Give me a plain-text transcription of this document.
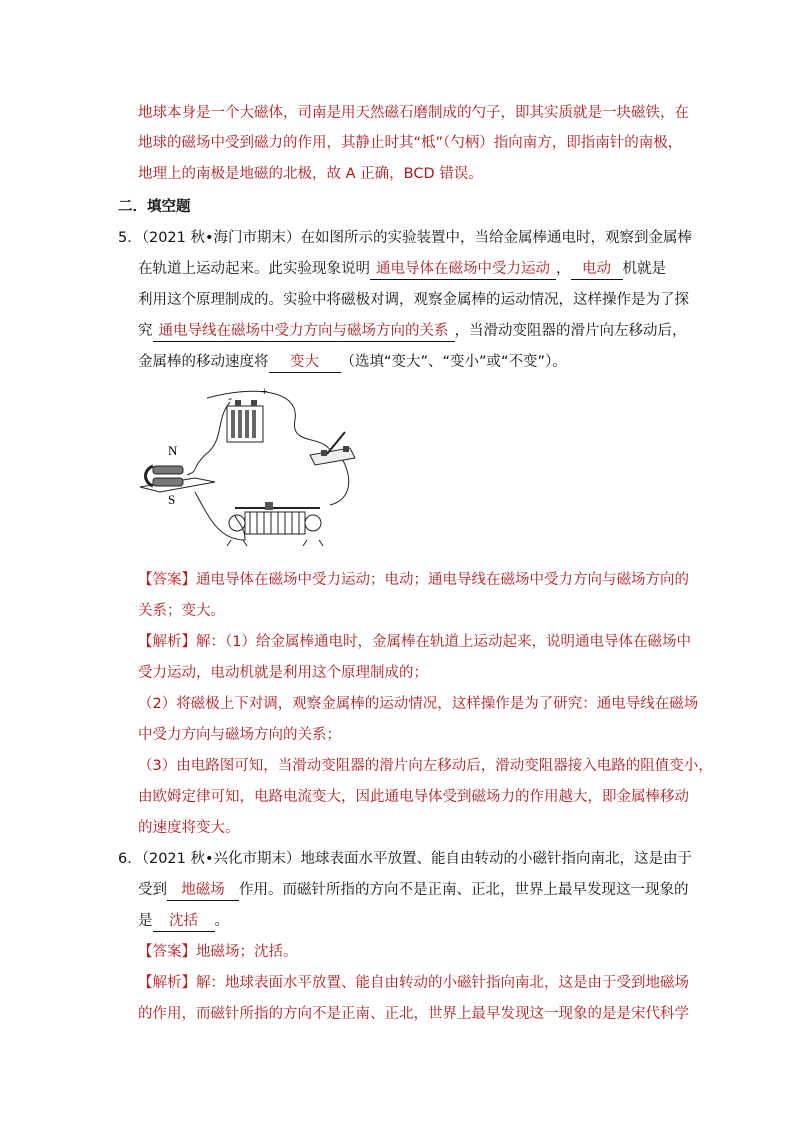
地球本身是一个大磁体，司南是用天然磁石磨制成的勺子，即其实质就是一块磁铁，在
地球的磁场中受到磁力的作用，其静止时其“柢”（勺柄）指向南方，即指南针的南极，
地理上的南极是地磁的北极，故 A 正确，BCD 错误。
二．填空题
5．（2021 秋•海门市期末）在如图所示的实验装置中，当给金属棒通电时，观察到金属棒
在轨道上运动起来。此实验现象说明 通电导体在磁场中受力运动 ， 电动 机就是
利用这个原理制成的。实验中将磁极对调，观察金属棒的运动情况，这样操作是为了探
究 通电导线在磁场中受力方向与磁场方向的关系 ，当滑动变阻器的滑片向左移动后，
金属棒的移动速度将 变大 （选填“变大”、“变小”或“不变”）。
+
-
N
S
【答案】通电导体在磁场中受力运动；电动；通电导线在磁场中受力方向与磁场方向的
关系；变大。
【解析】解：（1）给金属棒通电时，金属棒在轨道上运动起来，说明通电导体在磁场中
受力运动，电动机就是利用这个原理制成的；
（2）将磁极上下对调，观察金属棒的运动情况，这样操作是为了研究：通电导线在磁场
中受力方向与磁场方向的关系；
（3）由电路图可知，当滑动变阻器的滑片向左移动后，滑动变阻器接入电路的阻值变小，
由欧姆定律可知，电路电流变大，因此通电导体受到磁场力的作用越大，即金属棒移动
的速度将变大。
6．（2021 秋•兴化市期末）地球表面水平放置、能自由转动的小磁针指向南北，这是由于
受到 地磁场 作用。而磁针所指的方向不是正南、正北，世界上最早发现这一现象的
是 沈括 。
【答案】地磁场；沈括。
【解析】解：地球表面水平放置、能自由转动的小磁针指向南北，这是由于受到地磁场
的作用，而磁针所指的方向不是正南、正北，世界上最早发现这一现象的是是宋代科学
